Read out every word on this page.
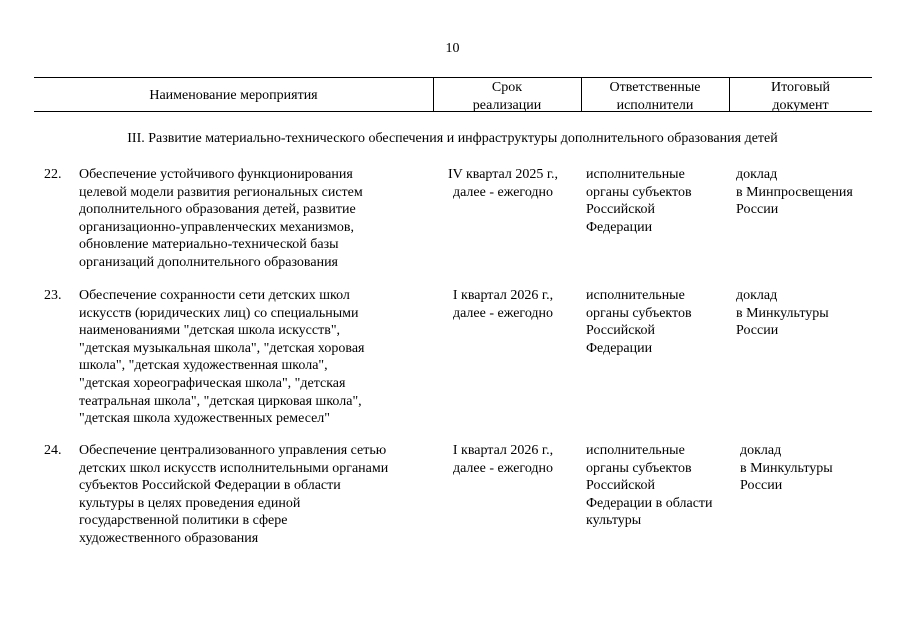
10
Наименование мероприятия
Срок
реализации
Ответственные
исполнители
Итоговый
документ
III. Развитие материально-технического обеспечения и инфраструктуры дополнительного образования детей
22. Обеспечение устойчивого функционирования
целевой модели развития региональных систем
дополнительного образования детей, развитие
организационно-управленческих механизмов,
обновление материально-технической базы
организаций дополнительного образования
IV квартал 2025 г.,
далее - ежегодно
исполнительные
органы субъектов
Российской
Федерации
доклад
в Минпросвещения
России
23. Обеспечение сохранности сети детских школ
искусств (юридических лиц) со специальными
наименованиями "детская школа искусств",
"детская музыкальная школа", "детская хоровая
школа", "детская художественная школа",
"детская хореографическая школа", "детская
театральная школа", "детская цирковая школа",
"детская школа художественных ремесел"
I квартал 2026 г.,
далее - ежегодно
исполнительные
органы субъектов
Российской
Федерации
доклад
в Минкультуры
России
24. Обеспечение централизованного управления сетью
детских школ искусств исполнительными органами
субъектов Российской Федерации в области
культуры в целях проведения единой
государственной политики в сфере
художественного образования
I квартал 2026 г.,
далее - ежегодно
исполнительные
органы субъектов
Российской
Федерации в области
культуры
доклад
в Минкультуры
России
